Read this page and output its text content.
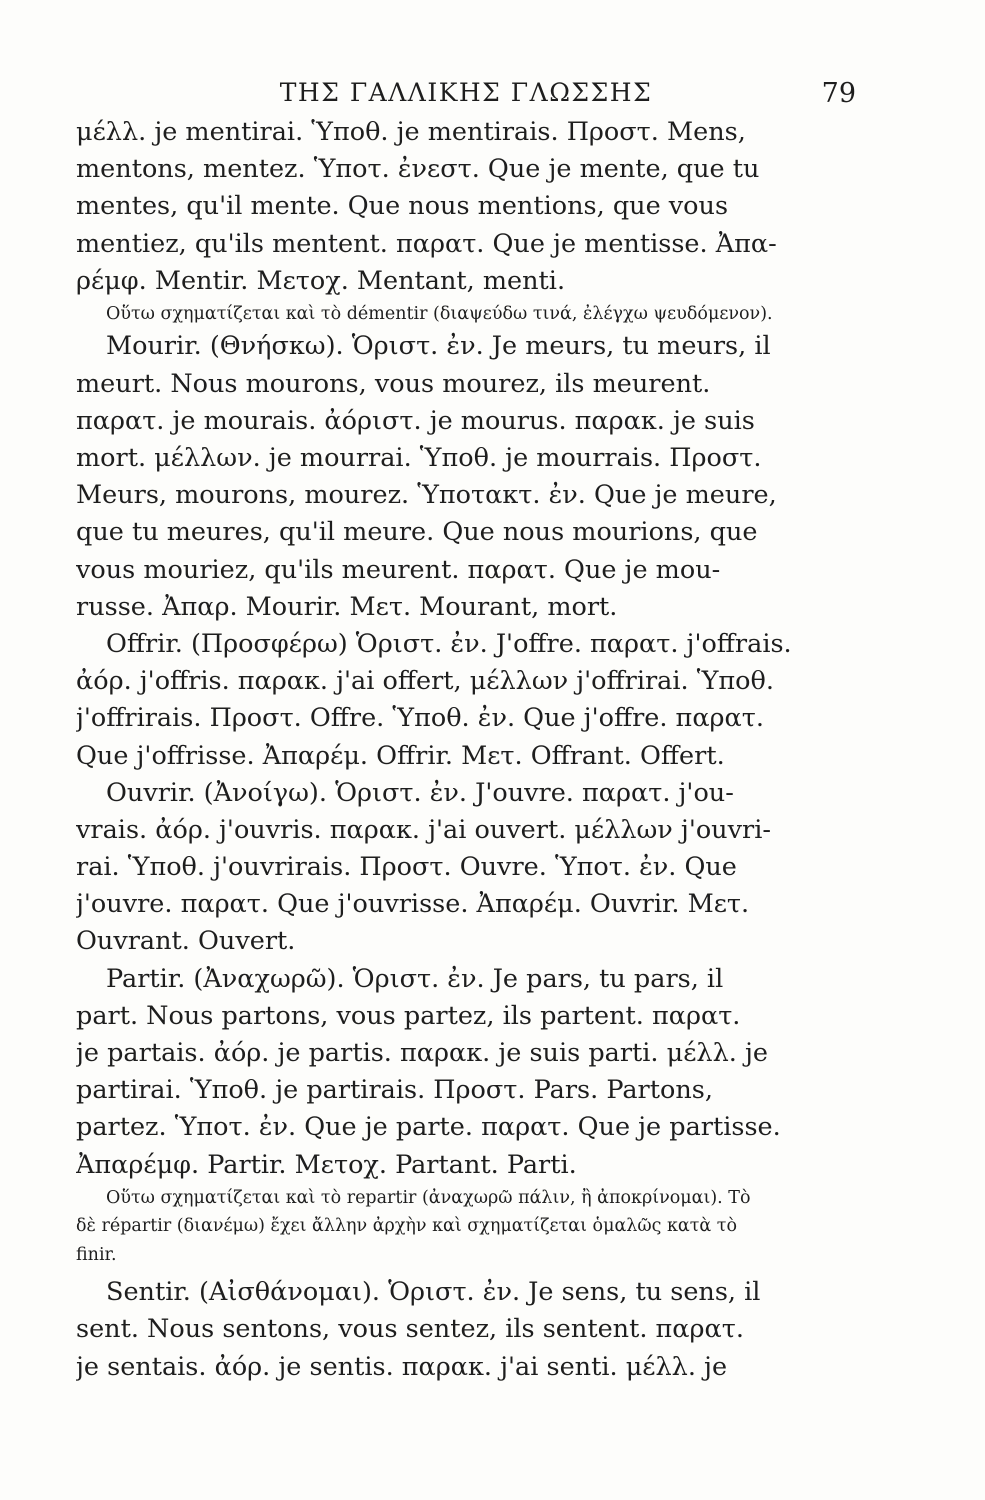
ΤΗΣ ΓΑΛΛΙΚΗΣ ΓΛΩΣΣΗΣ	79
μέλλ. je mentirai. Ὑποθ. je mentirais. Προστ. Mens,
mentons, mentez. Ὑποτ. ἐνεστ. Que je mente, que tu
mentes, qu'il mente. Que nous mentions, que vous
mentiez, qu'ils mentent. παρατ. Que je mentisse. Ἀπα-
ρέμφ. Mentir. Μετοχ. Mentant, menti.
Οὕτω σχηματίζεται καὶ τὸ démentir (διαψεύδω τινά, ἐλέγχω ψευδόμενον).
Mourir. (Θνήσκω). Ὁριστ. ἐν. Je meurs, tu meurs, il
meurt. Nous mourons, vous mourez, ils meurent.
παρατ. je mourais. ἀόριστ. je mourus. παρακ. je suis
mort. μέλλων. je mourrai. Ὑποθ. je mourrais. Προστ.
Meurs, mourons, mourez. Ὑποτακτ. ἐν. Que je meure,
que tu meures, qu'il meure. Que nous mourions, que
vous mouriez, qu'ils meurent. παρατ. Que je mou-
russe. Ἀπαρ. Mourir. Μετ. Mourant, mort.
Offrir. (Προσφέρω) Ὁριστ. ἐν. J'offre. παρατ. j'offrais.
ἀόρ. j'offris. παρακ. j'ai offert, μέλλων j'offrirai. Ὑποθ.
j'offrirais. Προστ. Offre. Ὑποθ. ἐν. Que j'offre. παρατ.
Que j'offrisse. Ἀπαρέμ. Offrir. Μετ. Offrant. Offert.
Ouvrir. (Ἀνοίγω). Ὁριστ. ἐν. J'ouvre. παρατ. j'ou-
vrais. ἀόρ. j'ouvris. παρακ. j'ai ouvert. μέλλων j'ouvri-
rai. Ὑποθ. j'ouvrirais. Προστ. Ouvre. Ὑποτ. ἐν. Que
j'ouvre. παρατ. Que j'ouvrisse. Ἀπαρέμ. Ouvrir. Μετ.
Ouvrant. Ouvert.
Partir. (Ἀναχωρῶ). Ὁριστ. ἐν. Je pars, tu pars, il
part. Nous partons, vous partez, ils partent. παρατ.
je partais. ἀόρ. je partis. παρακ. je suis parti. μέλλ. je
partirai. Ὑποθ. je partirais. Προστ. Pars. Partons,
partez. Ὑποτ. ἐν. Que je parte. παρατ. Que je partisse.
Ἀπαρέμφ. Partir. Μετοχ. Partant. Parti.
Οὕτω σχηματίζεται καὶ τὸ repartir (ἀναχωρῶ πάλιν, ἢ ἀποκρίνομαι). Τὸ
δὲ répartir (διανέμω) ἔχει ἄλλην ἀρχὴν καὶ σχηματίζεται ὁμαλῶς κατὰ τὸ
finir.
Sentir. (Αἰσθάνομαι). Ὁριστ. ἐν. Je sens, tu sens, il
sent. Nous sentons, vous sentez, ils sentent. παρατ.
je sentais. ἀόρ. je sentis. παρακ. j'ai senti. μέλλ. je
